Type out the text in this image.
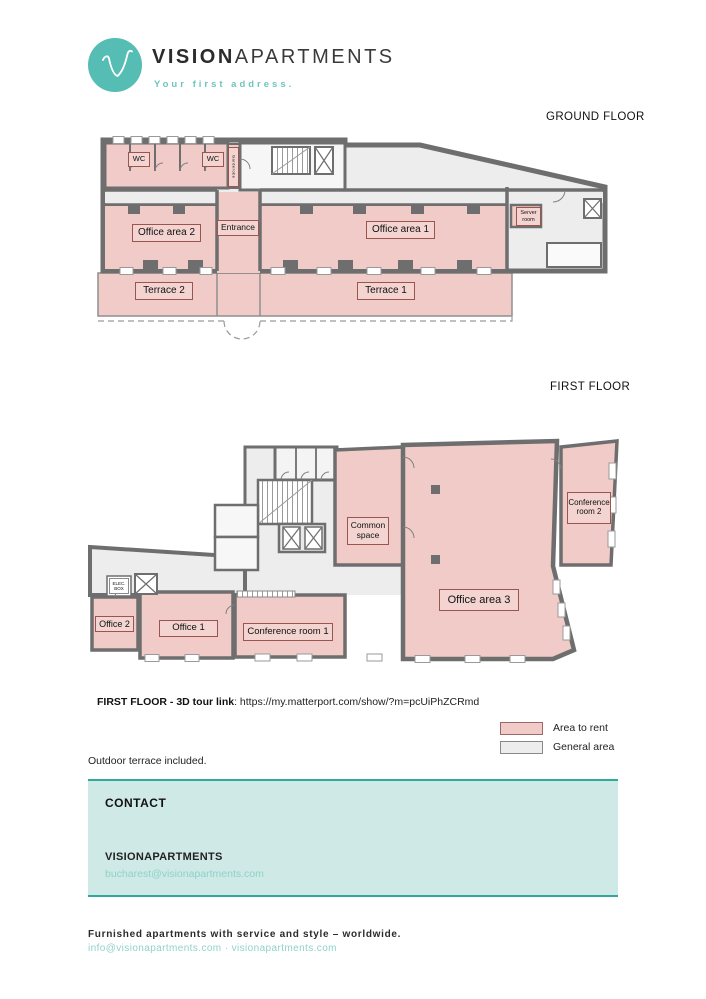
VISIONAPARTMENTS
Your first address.
GROUND FLOOR
WC	WC	Garderobe
Entrance
Office area 2	Office area 1
Server room
Terrace 2	Terrace 1
FIRST FLOOR
Common space
Office area 3
Conference room 2
ELEC. BOX
Office 2	Office 1	Conference room 1
FIRST FLOOR - 3D tour link: https://my.matterport.com/show/?m=pcUiPhZCRmd
Area to rent
General area
Outdoor terrace included.
CONTACT
VISIONAPARTMENTS
bucharest@visionapartments.com
Furnished apartments with service and style – worldwide.
info@visionapartments.com · visionapartments.com
